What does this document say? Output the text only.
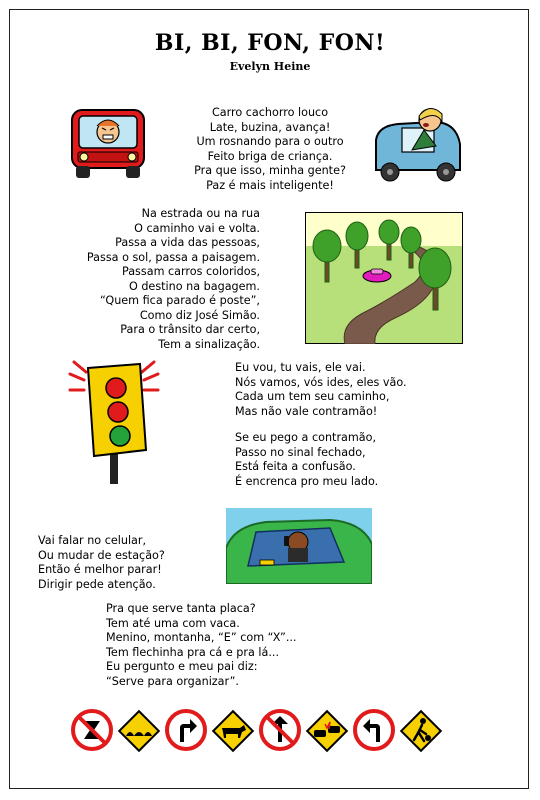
BI, BI, FON, FON!
Evelyn Heine
Carro cachorro louco
Late, buzina, avança!
Um rosnando para o outro
Feito briga de criança.
Pra que isso, minha gente?
Paz é mais inteligente!
Na estrada ou na rua
O caminho vai e volta.
Passa a vida das pessoas,
Passa o sol, passa a paisagem.
Passam carros coloridos,
O destino na bagagem.
“Quem fica parado é poste”,
Como diz José Simão.
Para o trânsito dar certo,
Tem a sinalização.
Eu vou, tu vais, ele vai.
Nós vamos, vós ides, eles vão.
Cada um tem seu caminho,
Mas não vale contramão!
Se eu pego a contramão,
Passo no sinal fechado,
Está feita a confusão.
É encrenca pro meu lado.
Vai falar no celular,
Ou mudar de estação?
Então é melhor parar!
Dirigir pede atenção.
Pra que serve tanta placa?
Tem até uma com vaca.
Menino, montanha, “E” com “X”...
Tem flechinha pra cá e pra lá...
Eu pergunto e meu pai diz:
“Serve para organizar”.
